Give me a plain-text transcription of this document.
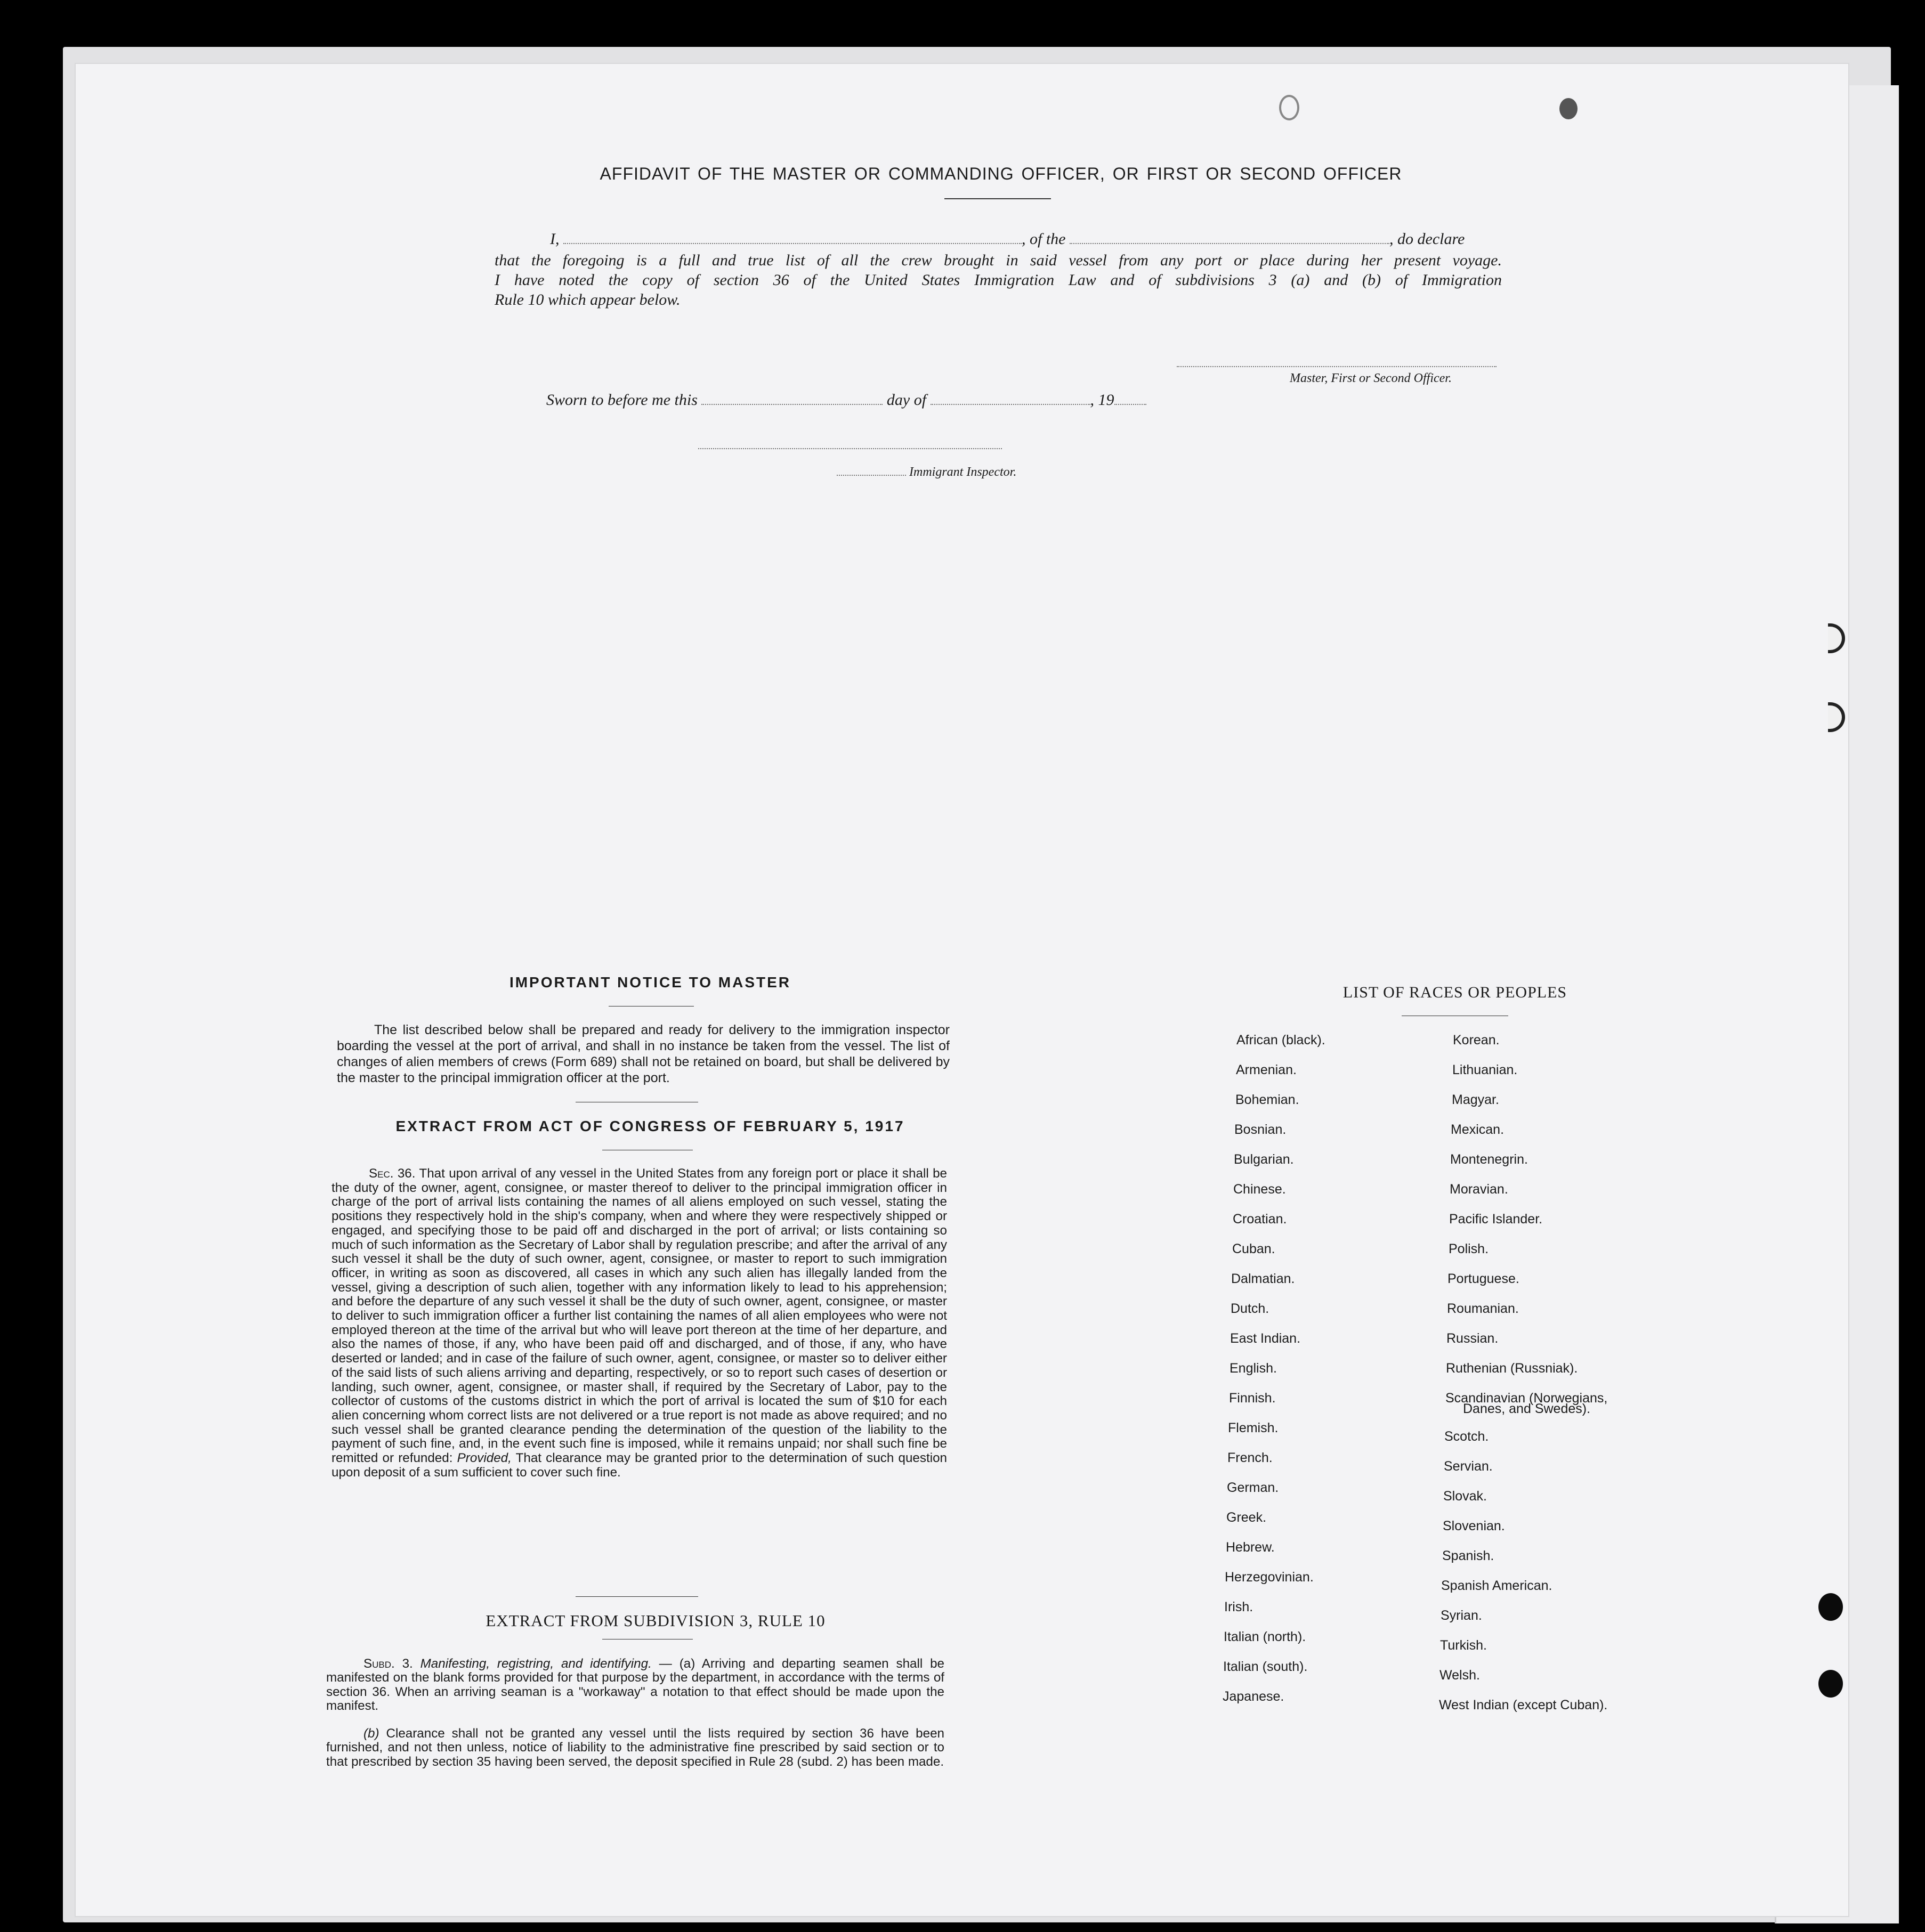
AFFIDAVIT OF THE MASTER OR COMMANDING OFFICER, OR FIRST OR SECOND OFFICER
I,	, of the	, do declare
that the foregoing is a full and true list of all the crew brought in said vessel from any port or place during her present voyage.
I have noted the copy of section 36 of the United States Immigration Law and of subdivisions 3 (a) and (b) of Immigration
Rule 10 which appear below.
Master, First or Second Officer.
Sworn to before me this	day of	, 19
Immigrant Inspector.
IMPORTANT NOTICE TO MASTER
The list described below shall be prepared and ready for delivery to the immigration inspector boarding the vessel at the port of arrival, and shall in no instance be taken from the vessel. The list of changes of alien members of crews (Form 689) shall not be retained on board, but shall be delivered by the master to the principal immigration officer at the port.
EXTRACT FROM ACT OF CONGRESS OF FEBRUARY 5, 1917
Sec. 36. That upon arrival of any vessel in the United States from any foreign port or place it shall be the duty of the owner, agent, consignee, or master thereof to deliver to the principal immigration officer in charge of the port of arrival lists containing the names of all aliens employed on such vessel, stating the positions they respectively hold in the ship's company, when and where they were respectively shipped or engaged, and specifying those to be paid off and discharged in the port of arrival; or lists containing so much of such information as the Secretary of Labor shall by regulation prescribe; and after the arrival of any such vessel it shall be the duty of such owner, agent, consignee, or master to report to such immigration officer, in writing as soon as discovered, all cases in which any such alien has illegally landed from the vessel, giving a description of such alien, together with any information likely to lead to his apprehension; and before the departure of any such vessel it shall be the duty of such owner, agent, consignee, or master to deliver to such immigration officer a further list containing the names of all alien employees who were not employed thereon at the time of the arrival but who will leave port thereon at the time of her departure, and also the names of those, if any, who have been paid off and discharged, and of those, if any, who have deserted or landed; and in case of the failure of such owner, agent, consignee, or master so to deliver either of the said lists of such aliens arriving and departing, respectively, or so to report such cases of desertion or landing, such owner, agent, consignee, or master shall, if required by the Secretary of Labor, pay to the collector of customs of the customs district in which the port of arrival is located the sum of $10 for each alien concerning whom correct lists are not delivered or a true report is not made as above required; and no such vessel shall be granted clearance pending the determination of the question of the liability to the payment of such fine, and, in the event such fine is imposed, while it remains unpaid; nor shall such fine be remitted or refunded: Provided, That clearance may be granted prior to the determination of such question upon deposit of a sum sufficient to cover such fine.
EXTRACT FROM SUBDIVISION 3, RULE 10
Subd. 3. Manifesting, registring, and identifying. — (a) Arriving and departing seamen shall be manifested on the blank forms provided for that purpose by the department, in accordance with the terms of section 36. When an arriving seaman is a "workaway" a notation to that effect should be made upon the manifest.
(b) Clearance shall not be granted any vessel until the lists required by section 36 have been furnished, and not then unless, notice of liability to the administrative fine prescribed by said section or to that prescribed by section 35 having been served, the deposit specified in Rule 28 (subd. 2) has been made.
LIST OF RACES OR PEOPLES
African (black).
Armenian.
Bohemian.
Bosnian.
Bulgarian.
Chinese.
Croatian.
Cuban.
Dalmatian.
Dutch.
East Indian.
English.
Finnish.
Flemish.
French.
German.
Greek.
Hebrew.
Herzegovinian.
Irish.
Italian (north).
Italian (south).
Japanese.
Korean.
Lithuanian.
Magyar.
Mexican.
Montenegrin.
Moravian.
Pacific Islander.
Polish.
Portuguese.
Roumanian.
Russian.
Ruthenian (Russniak).
Scandinavian (Norwegians,
Scotch.
Servian.
Slovak.
Slovenian.
Spanish.
Spanish American.
Syrian.
Turkish.
Welsh.
West Indian (except Cuban).
Danes, and Swedes).
